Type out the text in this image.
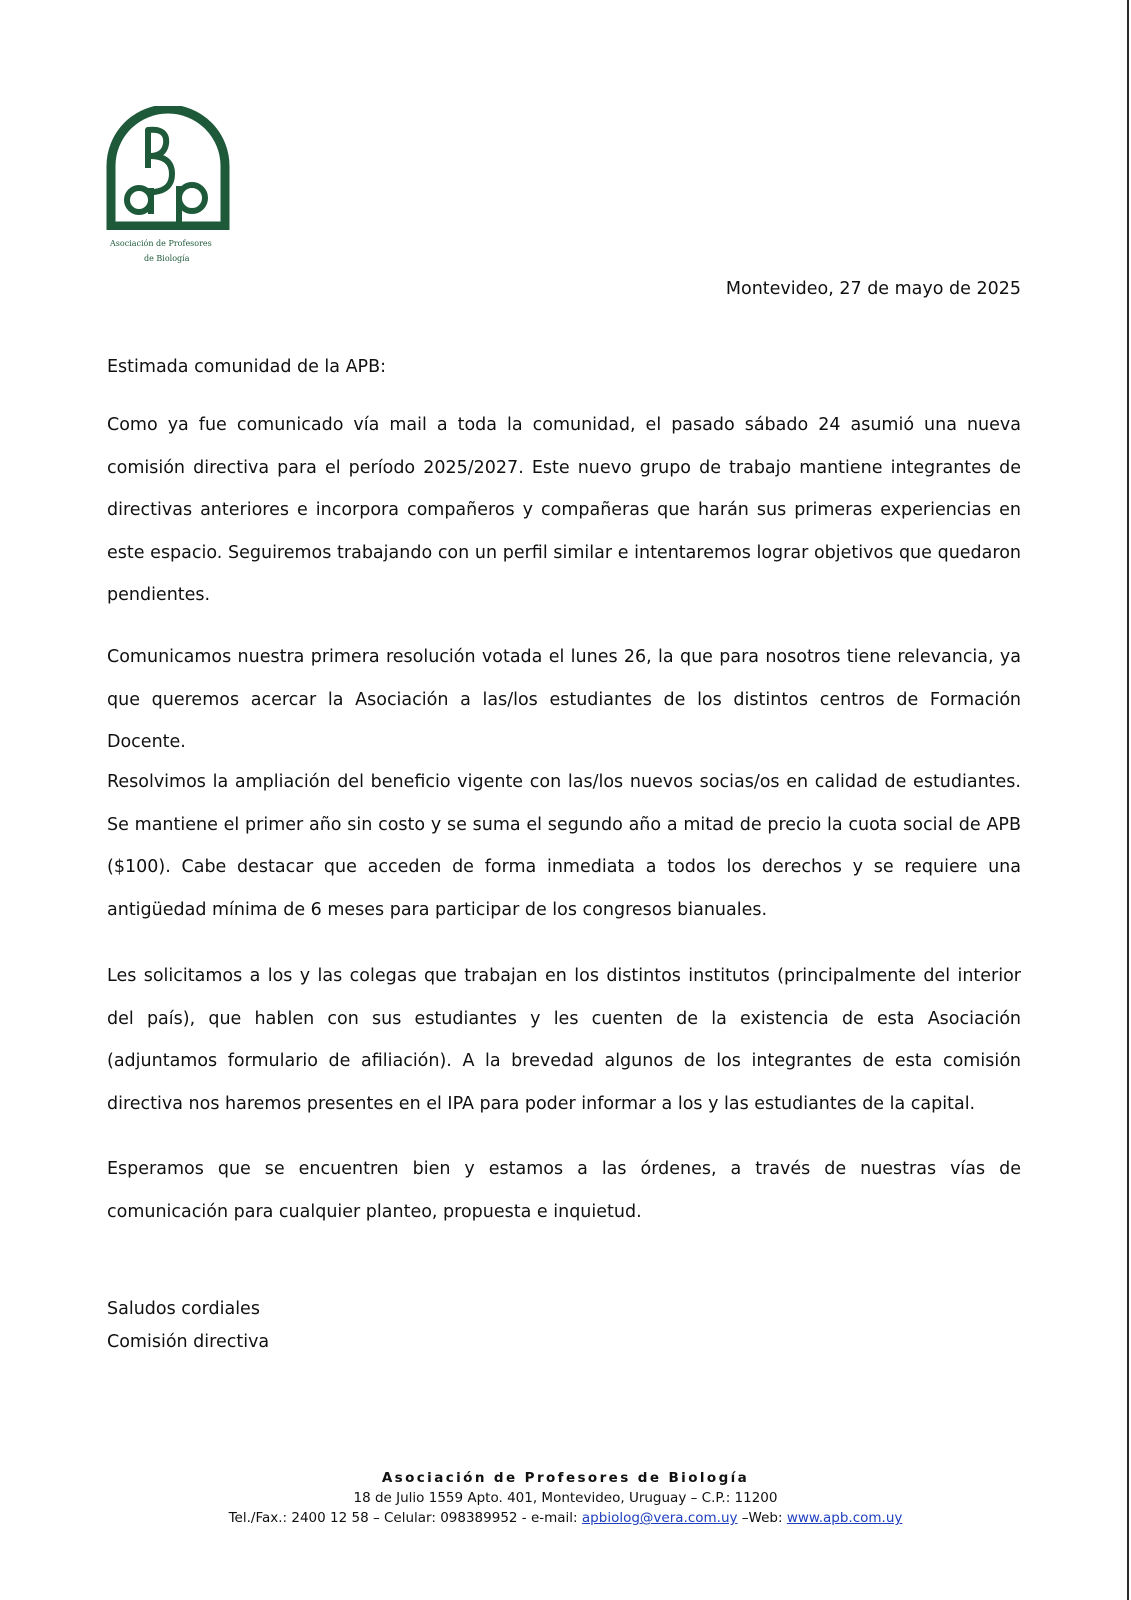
Asociación de Profesores
de Biología
Montevideo, 27 de mayo de 2025
Estimada comunidad de la APB:
Como ya fue comunicado vía mail a toda la comunidad, el pasado sábado 24 asumió una nueva comisión directiva para el período 2025/2027. Este nuevo grupo de trabajo mantiene integrantes de directivas anteriores e incorpora compañeros y compañeras que harán sus primeras experiencias en este espacio. Seguiremos trabajando con un perfil similar e intentaremos lograr objetivos que quedaron pendientes.
Comunicamos nuestra primera resolución votada el lunes 26, la que para nosotros tiene relevancia, ya que queremos acercar la Asociación a las/los estudiantes de los distintos centros de Formación Docente.
Resolvimos la ampliación del beneficio vigente con las/los nuevos socias/os en calidad de estudiantes. Se mantiene el primer año sin costo y se suma el segundo año a mitad de precio la cuota social de APB ($100). Cabe destacar que acceden de forma inmediata a todos los derechos y se requiere una antigüedad mínima de 6 meses para participar de los congresos bianuales.
Les solicitamos a los y las colegas que trabajan en los distintos institutos (principalmente del interior del país), que hablen con sus estudiantes y les cuenten de la existencia de esta Asociación (adjuntamos formulario de afiliación). A la brevedad algunos de los integrantes de esta comisión directiva nos haremos presentes en el IPA para poder informar a los y las estudiantes de la capital.
Esperamos que se encuentren bien y estamos a las órdenes, a través de nuestras vías de comunicación para cualquier planteo, propuesta e inquietud.
Saludos cordiales
Comisión directiva
Asociación de Profesores de Biología
18 de Julio 1559 Apto. 401, Montevideo, Uruguay – C.P.: 11200
Tel./Fax.: 2400 12 58 – Celular: 098389952 - e-mail: apbiolog@vera.com.uy –Web: www.apb.com.uy
